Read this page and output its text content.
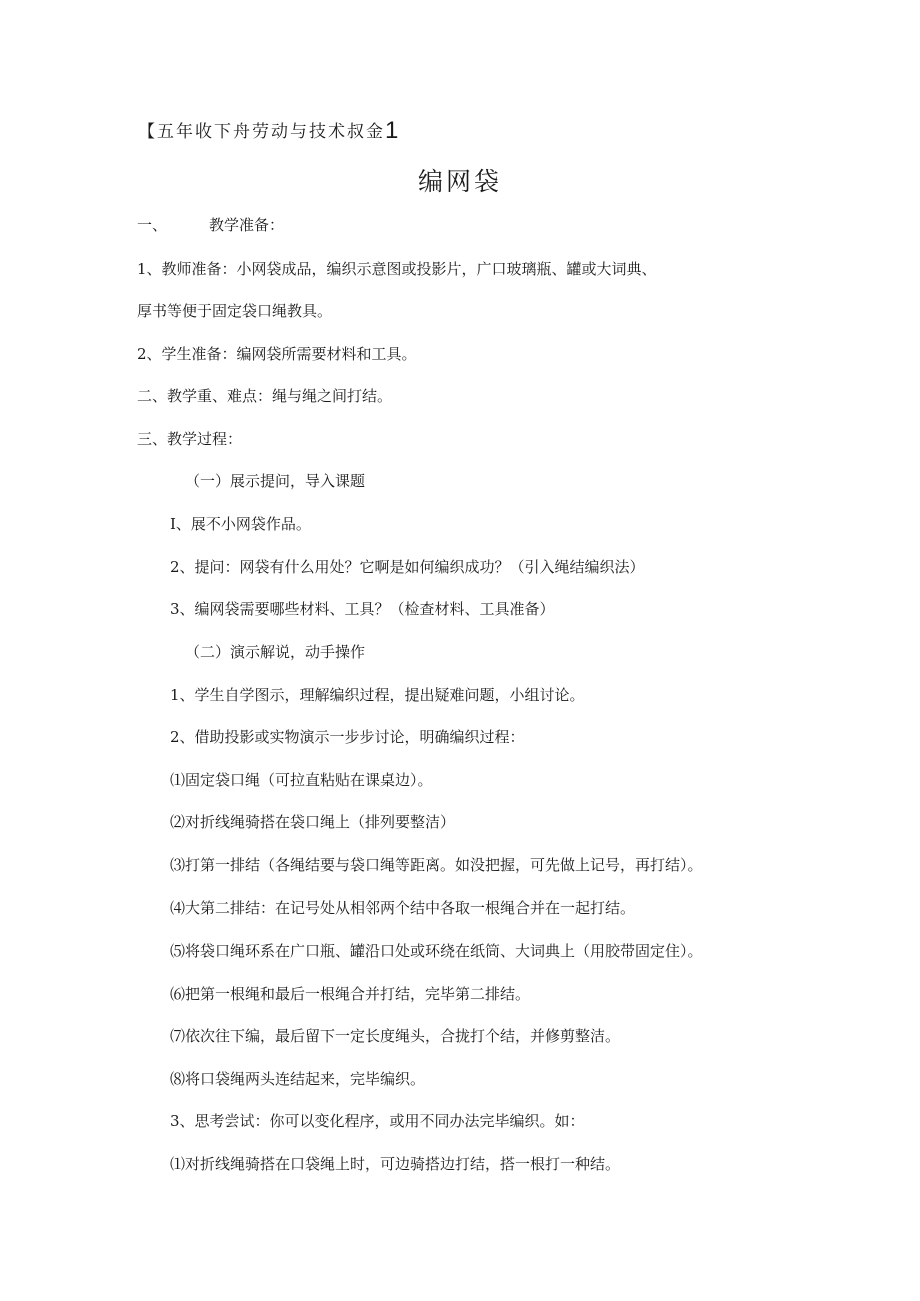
【五年收下舟劳动与技术叔金1
编网袋
一、	教学准备：
1、教师准备：小网袋成品，编织示意图或投影片，广口玻璃瓶、罐或大词典、
厚书等便于固定袋口绳教具。
2、学生准备：编网袋所需要材料和工具。
二、教学重、难点：绳与绳之间打结。
三、教学过程：
（一）展示提问，导入课题
I、展不小网袋作品。
2、提问：网袋有什么用处？它啊是如何编织成功？（引入绳结编织法）
3、编网袋需要哪些材料、工具？（检查材料、工具准备）
（二）演示解说，动手操作
1、学生自学图示，理解编织过程，提出疑难问题，小组讨论。
2、借助投影或实物演示一步步讨论，明确编织过程：
⑴固定袋口绳（可拉直粘贴在课桌边）。
⑵对折线绳骑搭在袋口绳上（排列要整洁）
⑶打第一排结（各绳结要与袋口绳等距离。如没把握，可先做上记号，再打结）。
⑷大第二排结：在记号处从相邻两个结中各取一根绳合并在一起打结。
⑸将袋口绳环系在广口瓶、罐沿口处或环绕在纸筒、大词典上（用胶带固定住）。
⑹把第一根绳和最后一根绳合并打结，完毕第二排结。
⑺依次往下编，最后留下一定长度绳头，合拢打个结，并修剪整洁。
⑻将口袋绳两头连结起来，完毕编织。
3、思考尝试：你可以变化程序，或用不同办法完毕编织。如：
⑴对折线绳骑搭在口袋绳上时，可边骑搭边打结，搭一根打一种结。
